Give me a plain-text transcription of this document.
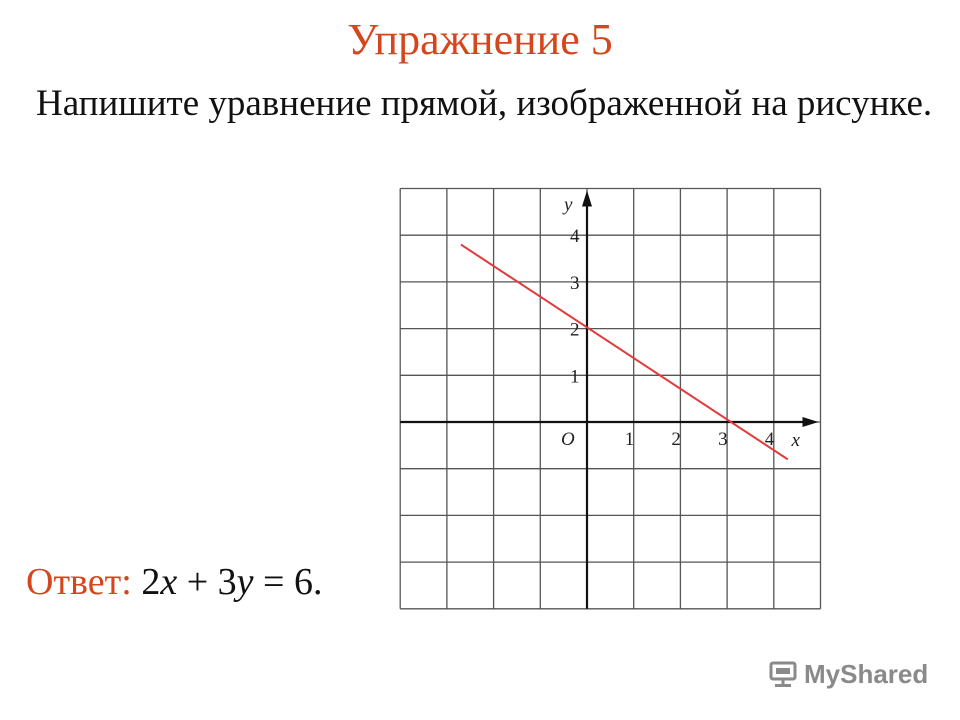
Упражнение 5
Напишите уравнение прямой, изображенной на рисунке.
1 2 3 4
1
2
3
4
O	x
y
Ответ: 2x + 3y = 6.
MyShared
